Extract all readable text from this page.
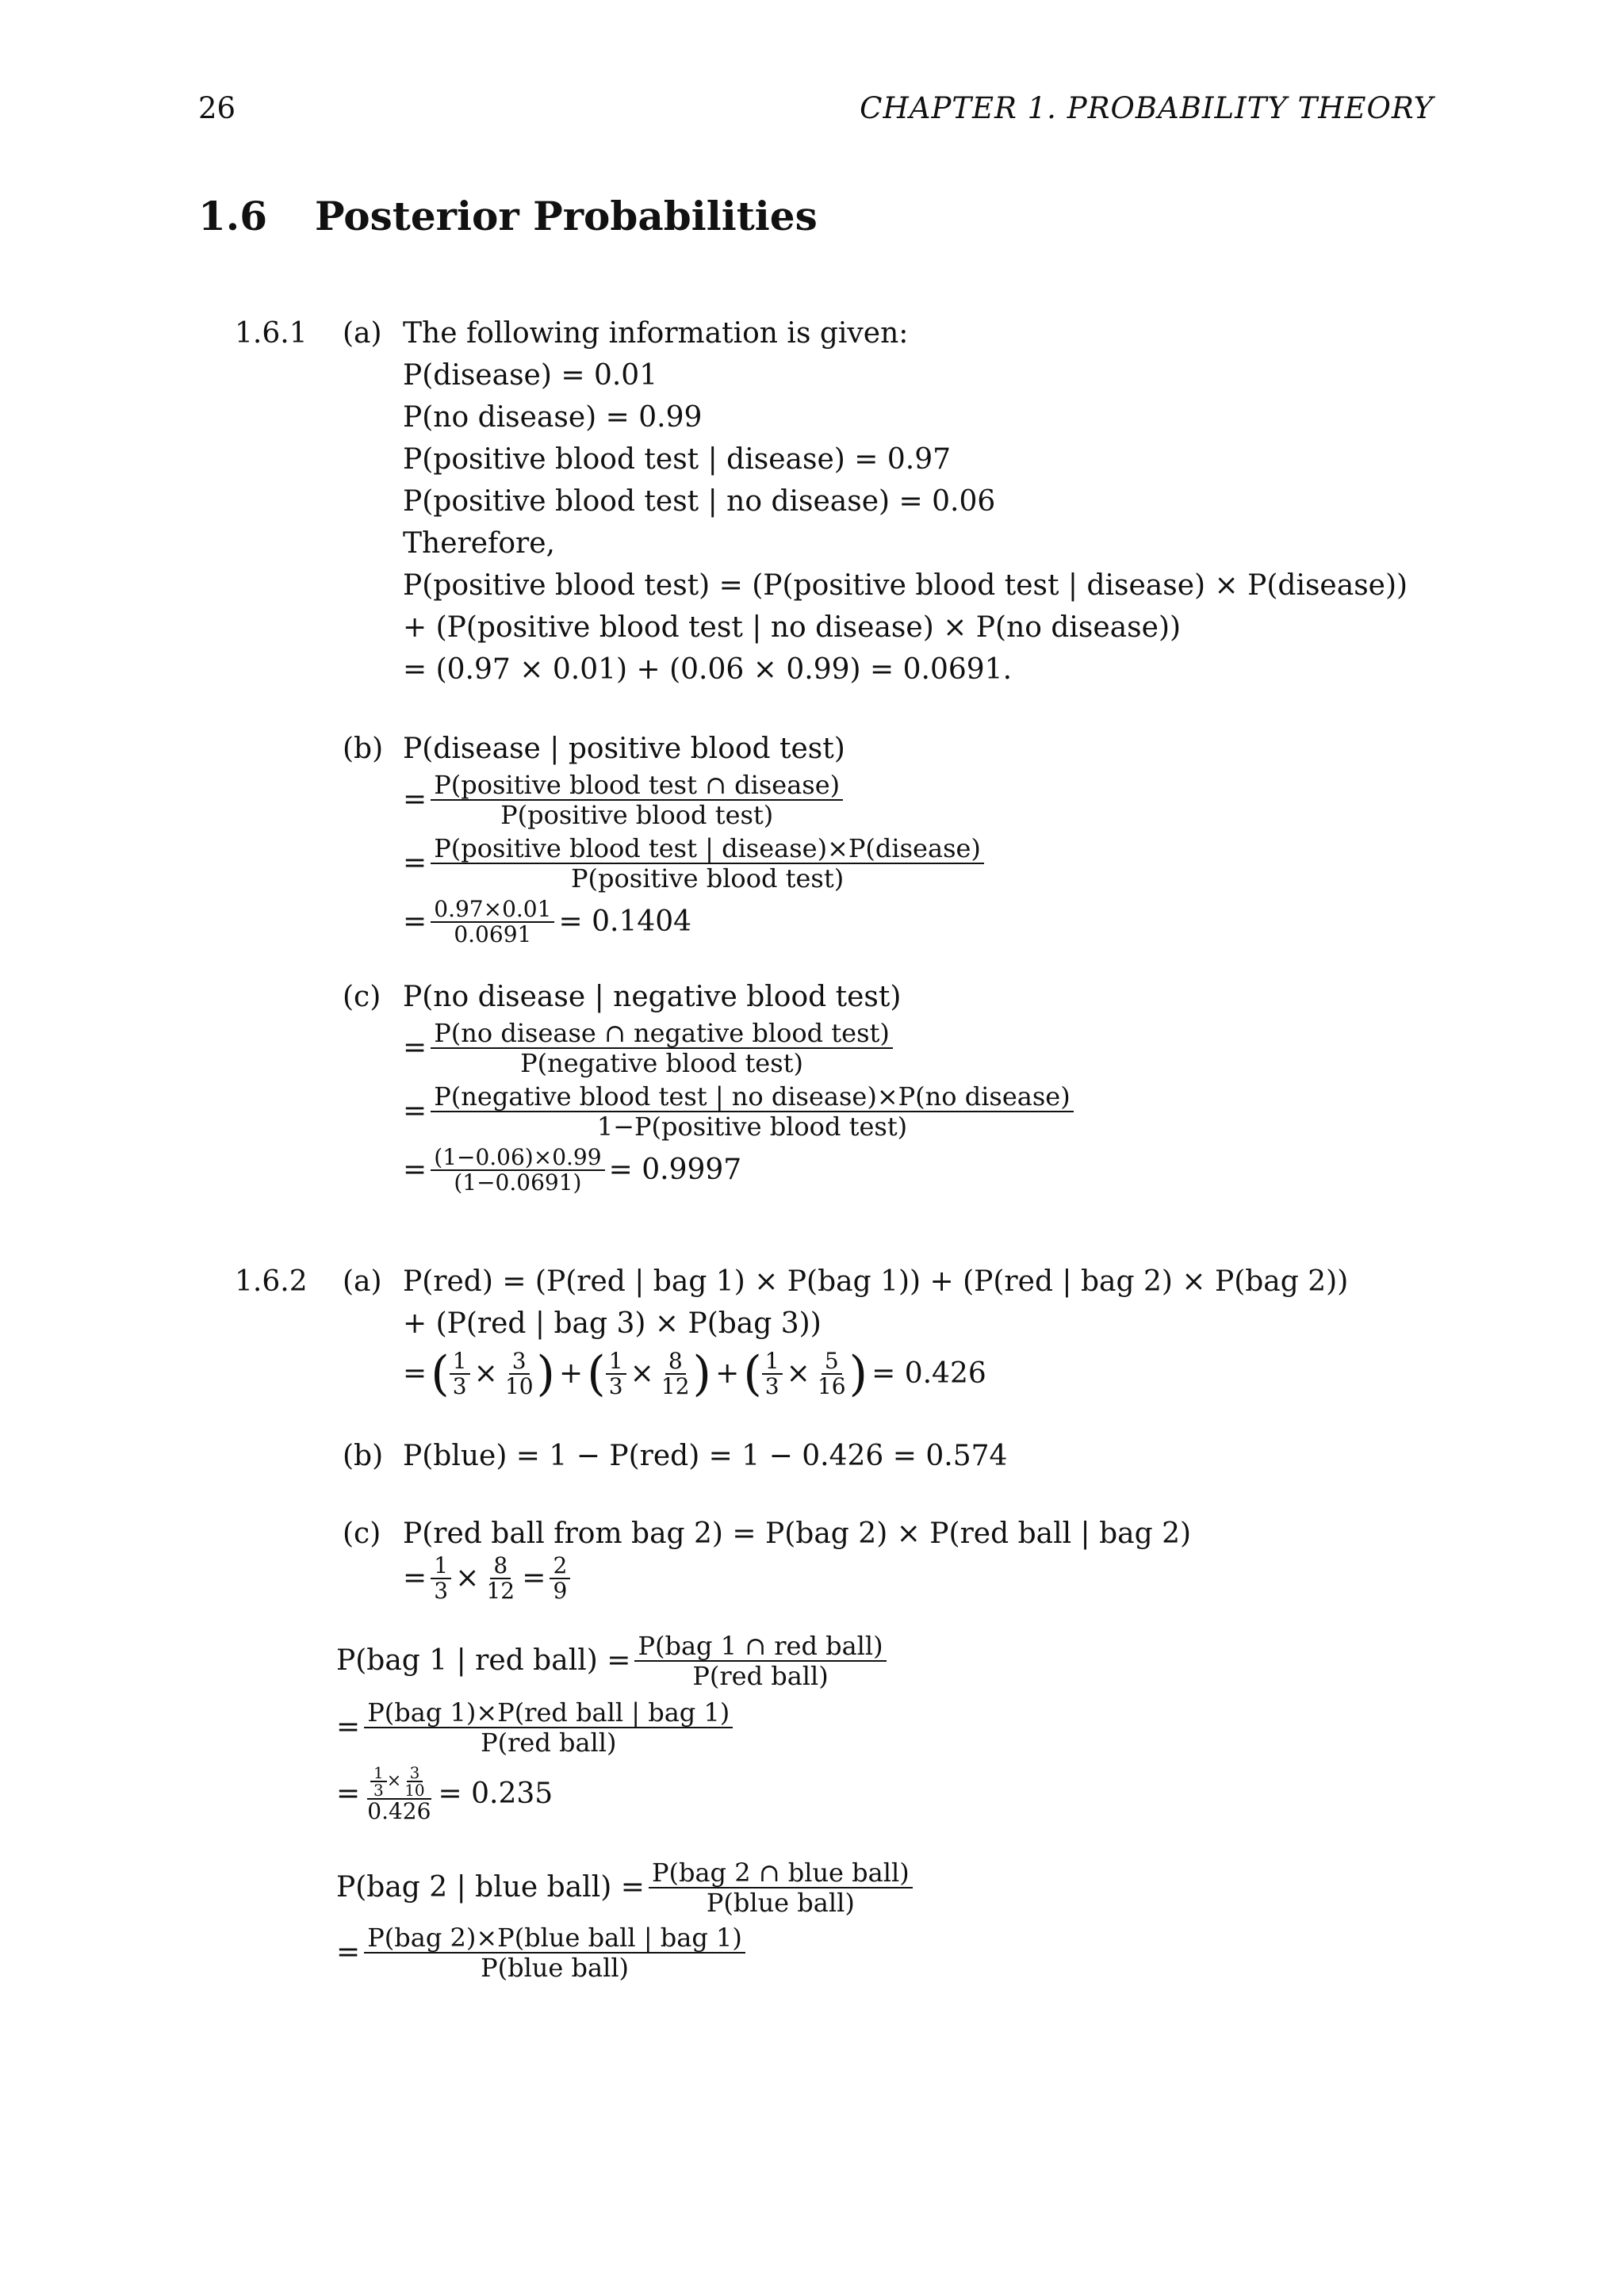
26	CHAPTER 1. PROBABILITY THEORY
1.6 Posterior Probabilities
1.6.1 (a) The following information is given:
P(disease) = 0.01
P(no disease) = 0.99
P(positive blood test | disease) = 0.97
P(positive blood test | no disease) = 0.06
Therefore,
P(positive blood test) = (P(positive blood test | disease) × P(disease))
+ (P(positive blood test | no disease) × P(no disease))
= (0.97 × 0.01) + (0.06 × 0.99) = 0.0691.
(b) P(disease | positive blood test)
= $\frac{\text{P(positive blood test ∩ disease)}}{\text{P(positive blood test)}}$
= $\frac{\text{P(positive blood test | disease)×P(disease)}}{\text{P(positive blood test)}}$
= $\frac{0.97\times 0.01}{0.0691} = 0.1404$
(c) P(no disease | negative blood test)
= $\frac{\text{P(no disease ∩ negative blood test)}}{\text{P(negative blood test)}}$
= $\frac{\text{P(negative blood test | no disease)×P(no disease)}}{\text{1−P(positive blood test)}}$
= $\frac{(1-0.06)\times 0.99}{(1-0.0691)} = 0.9997$
1.6.2 (a) P(red) = (P(red | bag 1) × P(bag 1)) + (P(red | bag 2) × P(bag 2))
+ (P(red | bag 3) × P(bag 3))
= ( $\frac{1}{3} \times \frac{3}{10}$ ) + ( $\frac{1}{3} \times \frac{8}{12}$ ) + ( $\frac{1}{3} \times \frac{5}{16}$ ) = 0.426
(b) P(blue) = 1 − P(red) = 1 − 0.426 = 0.574
(c) P(red ball from bag 2) = P(bag 2) × P(red ball | bag 2)
= $\frac{1}{3} \times \frac{8}{12} = \frac{2}{9}$
P(bag 1 | red ball) = $\frac{\text{P(bag 1 ∩ red ball)}}{\text{P(red ball)}}$
= $\frac{\text{P(bag 1)×P(red ball | bag 1)}}{\text{P(red ball)}}$
= $\frac{\frac{1}{3} \times \frac{3}{10}}{0.426} = 0.235$
P(bag 2 | blue ball) = $\frac{\text{P(bag 2 ∩ blue ball)}}{\text{P(blue ball)}}$
= $\frac{\text{P(bag 2)×P(blue ball | bag 1)}}{\text{P(blue ball)}}$
